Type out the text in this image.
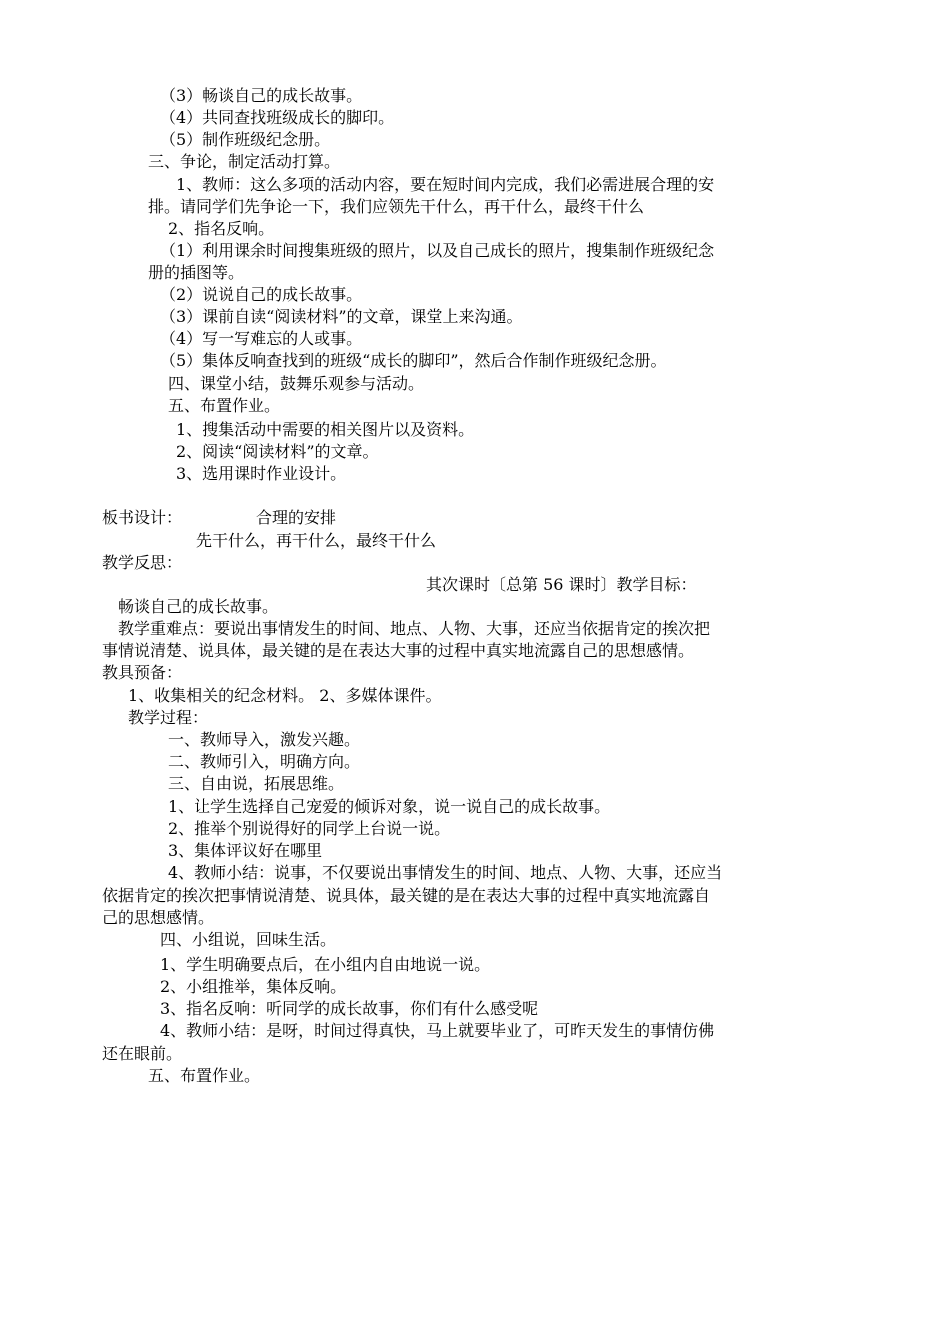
（3）畅谈自己的成长故事。
（4）共同查找班级成长的脚印。
（5）制作班级纪念册。
三、争论，制定活动打算。
1、教师：这么多项的活动内容，要在短时间内完成，我们必需进展合理的安
排。请同学们先争论一下，我们应领先干什么，再干什么，最终干什么
2、指名反响。
（1）利用课余时间搜集班级的照片，以及自己成长的照片，搜集制作班级纪念
册的插图等。
（2）说说自己的成长故事。
（3）课前自读“阅读材料”的文章，课堂上来沟通。
（4）写一写难忘的人或事。
（5）集体反响查找到的班级“成长的脚印”，然后合作制作班级纪念册。
四、课堂小结，鼓舞乐观参与活动。
五、布置作业。
1、搜集活动中需要的相关图片以及资料。
2、阅读“阅读材料”的文章。
3、选用课时作业设计。
板书设计：	合理的安排
先干什么，再干什么，最终干什么
教学反思：
其次课时〔总第 56 课时〕教学目标：
畅谈自己的成长故事。
教学重难点：要说出事情发生的时间、地点、人物、大事，还应当依据肯定的挨次把
事情说清楚、说具体，最关键的是在表达大事的过程中真实地流露自己的思想感情。
教具预备：
1、收集相关的纪念材料。 2、多媒体课件。
教学过程：
一、教师导入，激发兴趣。
二、教师引入，明确方向。
三、自由说，拓展思维。
1、让学生选择自己宠爱的倾诉对象，说一说自己的成长故事。
2、推举个别说得好的同学上台说一说。
3、集体评议好在哪里
4、教师小结：说事，不仅要说出事情发生的时间、地点、人物、大事，还应当
依据肯定的挨次把事情说清楚、说具体，最关键的是在表达大事的过程中真实地流露自
己的思想感情。
四、小组说，回味生活。
1、学生明确要点后，在小组内自由地说一说。
2、小组推举，集体反响。
3、指名反响：听同学的成长故事，你们有什么感受呢
4、教师小结：是呀，时间过得真快，马上就要毕业了，可昨天发生的事情仿佛
还在眼前。
五、布置作业。
